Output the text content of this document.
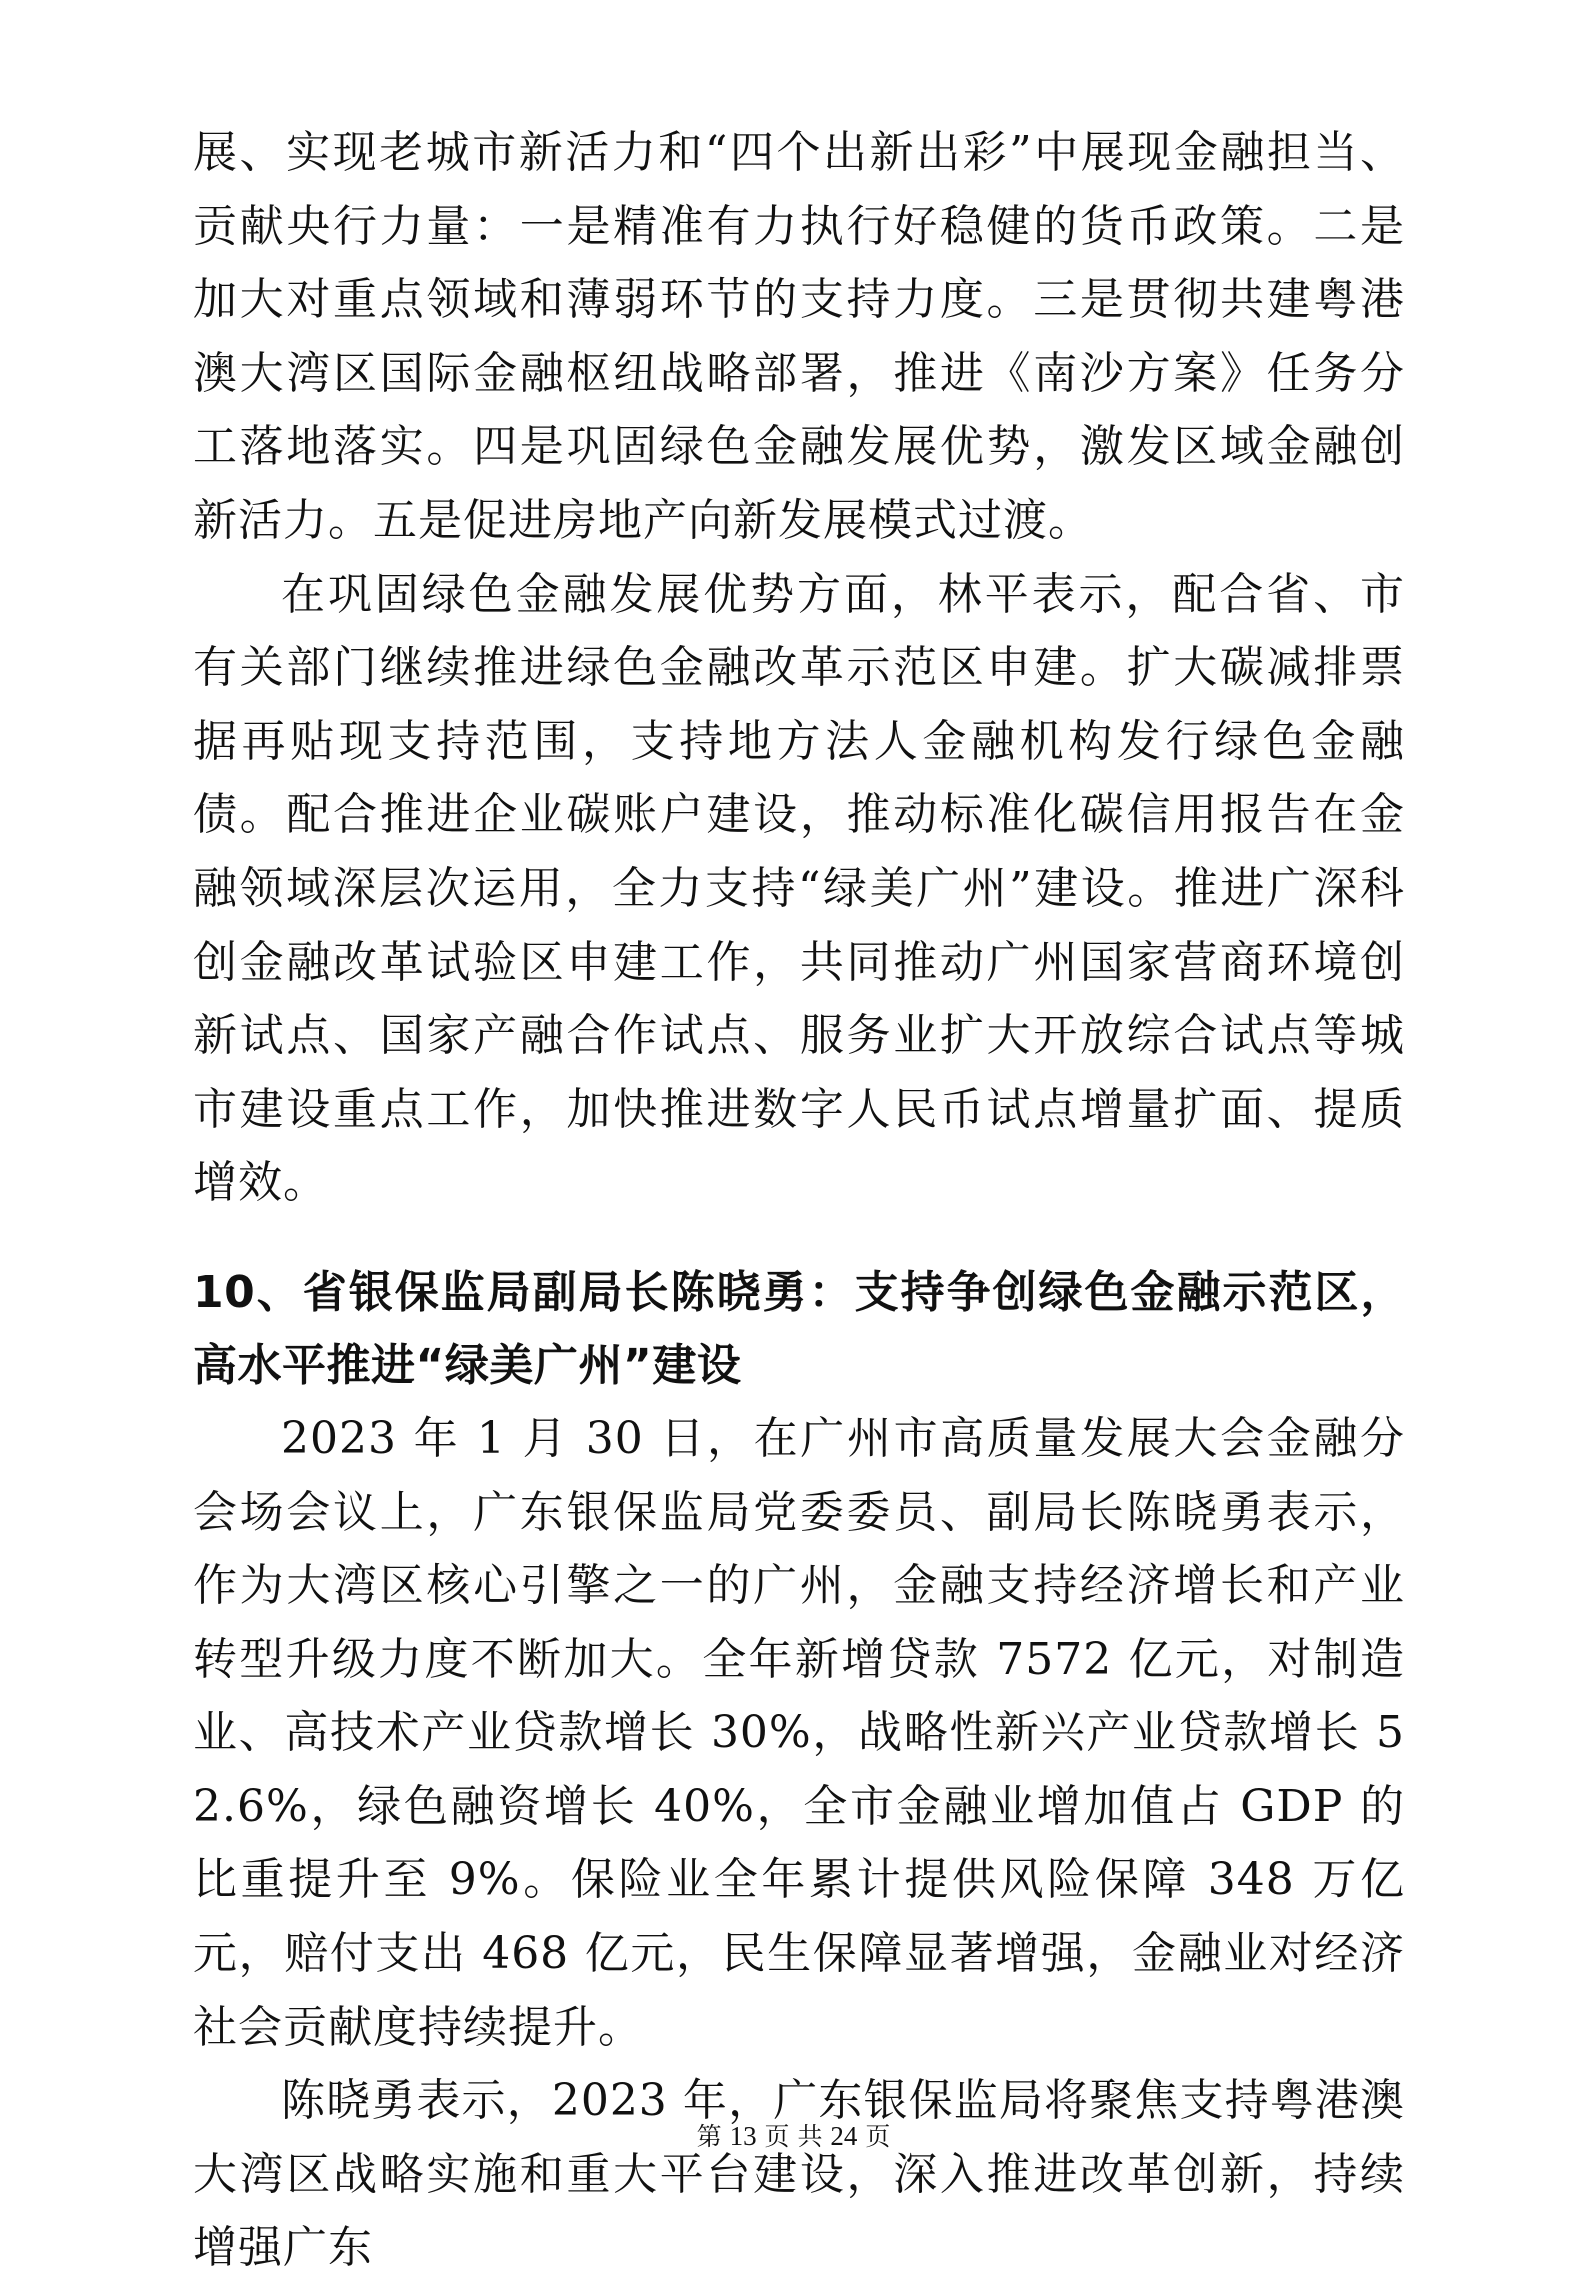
展、实现老城市新活力和“四个出新出彩”中展现金融担当、贡献央行力量：一是精准有力执行好稳健的货币政策。二是加大对重点领域和薄弱环节的支持力度。三是贯彻共建粤港澳大湾区国际金融枢纽战略部署，推进《南沙方案》任务分工落地落实。四是巩固绿色金融发展优势，激发区域金融创新活力。五是促进房地产向新发展模式过渡。

在巩固绿色金融发展优势方面，林平表示，配合省、市有关部门继续推进绿色金融改革示范区申建。扩大碳减排票据再贴现支持范围，支持地方法人金融机构发行绿色金融债。配合推进企业碳账户建设，推动标准化碳信用报告在金融领域深层次运用，全力支持“绿美广州”建设。推进广深科创金融改革试验区申建工作，共同推动广州国家营商环境创新试点、国家产融合作试点、服务业扩大开放综合试点等城市建设重点工作，加快推进数字人民币试点增量扩面、提质增效。

10、省银保监局副局长陈晓勇：支持争创绿色金融示范区，高水平推进“绿美广州”建设

2023 年 1 月 30 日，在广州市高质量发展大会金融分会场会议上，广东银保监局党委委员、副局长陈晓勇表示，作为大湾区核心引擎之一的广州，金融支持经济增长和产业转型升级力度不断加大。全年新增贷款 7572 亿元，对制造业、高技术产业贷款增长 30%，战略性新兴产业贷款增长 52.6%，绿色融资增长 40%，全市金融业增加值占 GDP 的比重提升至 9%。保险业全年累计提供风险保障 348 万亿元，赔付支出 468 亿元，民生保障显著增强，金融业对经济社会贡献度持续提升。

陈晓勇表示，2023 年，广东银保监局将聚焦支持粤港澳大湾区战略实施和重大平台建设，深入推进改革创新，持续增强广东

第 13 页 共 24 页
